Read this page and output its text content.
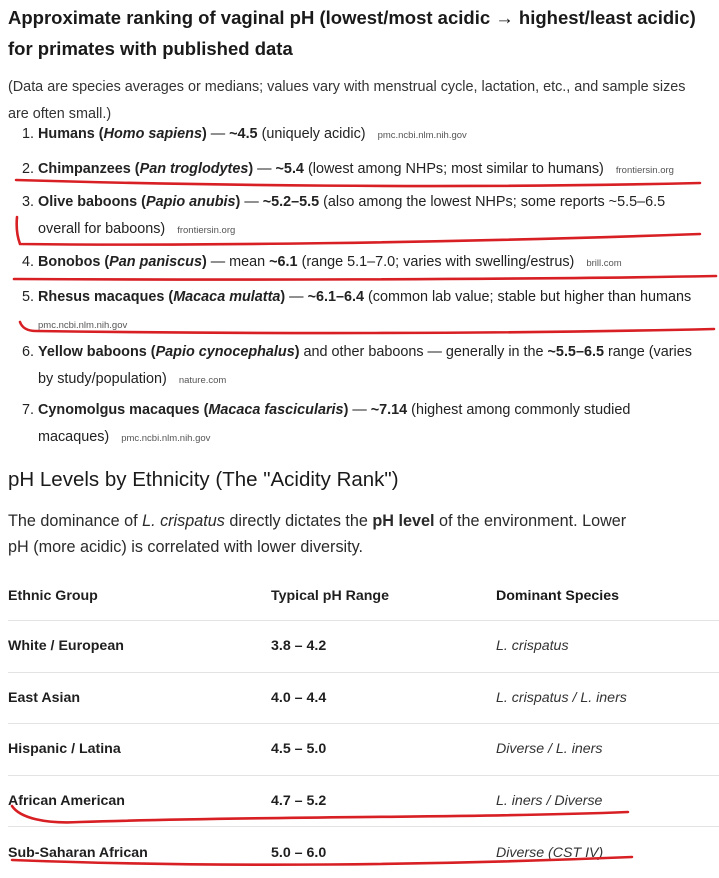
Approximate ranking of vaginal pH (lowest/most acidic → highest/least acidic)
for primates with published data
(Data are species averages or medians; values vary with menstrual cycle, lactation, etc., and sample sizes
are often small.)
1. Humans (Homo sapiens) — ~4.5 (uniquely acidic) pmc.ncbi.nlm.nih.gov
2. Chimpanzees (Pan troglodytes) — ~5.4 (lowest among NHPs; most similar to humans) frontiersin.org
3. Olive baboons (Papio anubis) — ~5.2–5.5 (also among the lowest NHPs; some reports ~5.5–6.5
overall for baboons) frontiersin.org
4. Bonobos (Pan paniscus) — mean ~6.1 (range 5.1–7.0; varies with swelling/estrus) brill.com
5. Rhesus macaques (Macaca mulatta) — ~6.1–6.4 (common lab value; stable but higher than humans
pmc.ncbi.nlm.nih.gov
6. Yellow baboons (Papio cynocephalus) and other baboons — generally in the ~5.5–6.5 range (varies
by study/population) nature.com
7. Cynomolgus macaques (Macaca fascicularis) — ~7.14 (highest among commonly studied
macaques) pmc.ncbi.nlm.nih.gov
pH Levels by Ethnicity (The "Acidity Rank")
The dominance of L. crispatus directly dictates the pH level of the environment. Lower
pH (more acidic) is correlated with lower diversity.
Ethnic Group	Typical pH Range	Dominant Species
White / European	3.8 – 4.2	L. crispatus
East Asian	4.0 – 4.4	L. crispatus / L. iners
Hispanic / Latina	4.5 – 5.0	Diverse / L. iners
African American	4.7 – 5.2	L. iners / Diverse
Sub-Saharan African	5.0 – 6.0	Diverse (CST IV)
